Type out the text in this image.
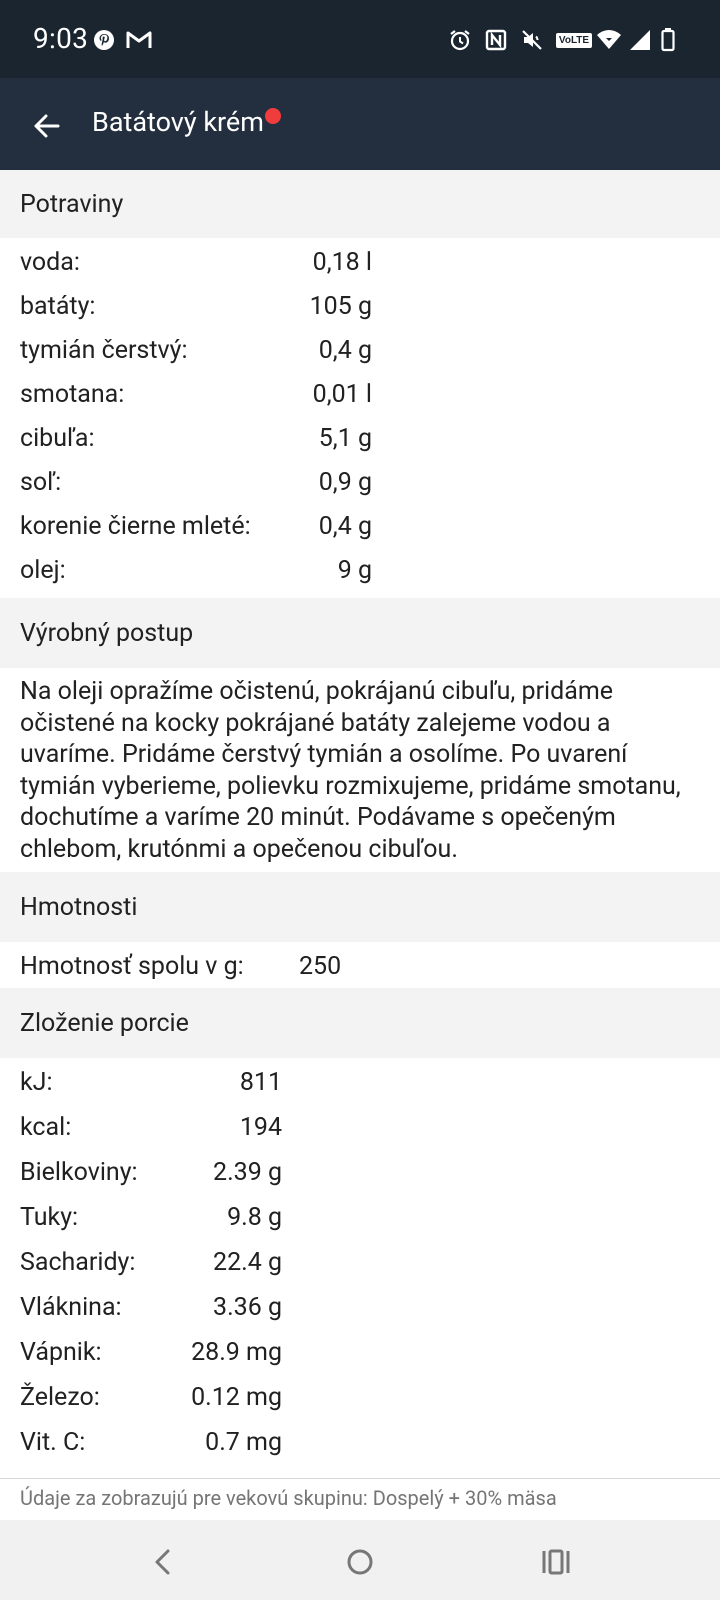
9:03	VoLTE
Batátový krém
Potraviny
voda:	0,18 l
batáty:	105 g
tymián čerstvý:	0,4 g
smotana:	0,01 l
cibuľa:	5,1 g
soľ:	0,9 g
korenie čierne mleté:	0,4 g
olej:	9 g
Výrobný postup
Na oleji opražíme očistenú, pokrájanú cibuľu, pridáme očistené na kocky pokrájané batáty zalejeme vodou a uvaríme. Pridáme čerstvý tymián a osolíme. Po uvarení tymián vyberieme, polievku rozmixujeme, pridáme smotanu, dochutíme a varíme 20 minút. Podávame s opečeným chlebom, krutónmi a opečenou cibuľou.
Hmotnosti
Hmotnosť spolu v g: 250
Zloženie porcie
kJ:	811
kcal:	194
Bielkoviny:	2.39 g
Tuky:	9.8 g
Sacharidy:	22.4 g
Vláknina:	3.36 g
Vápnik:	28.9 mg
Železo:	0.12 mg
Vit. C:	0.7 mg
Údaje za zobrazujú pre vekovú skupinu: Dospelý + 30% mäsa
